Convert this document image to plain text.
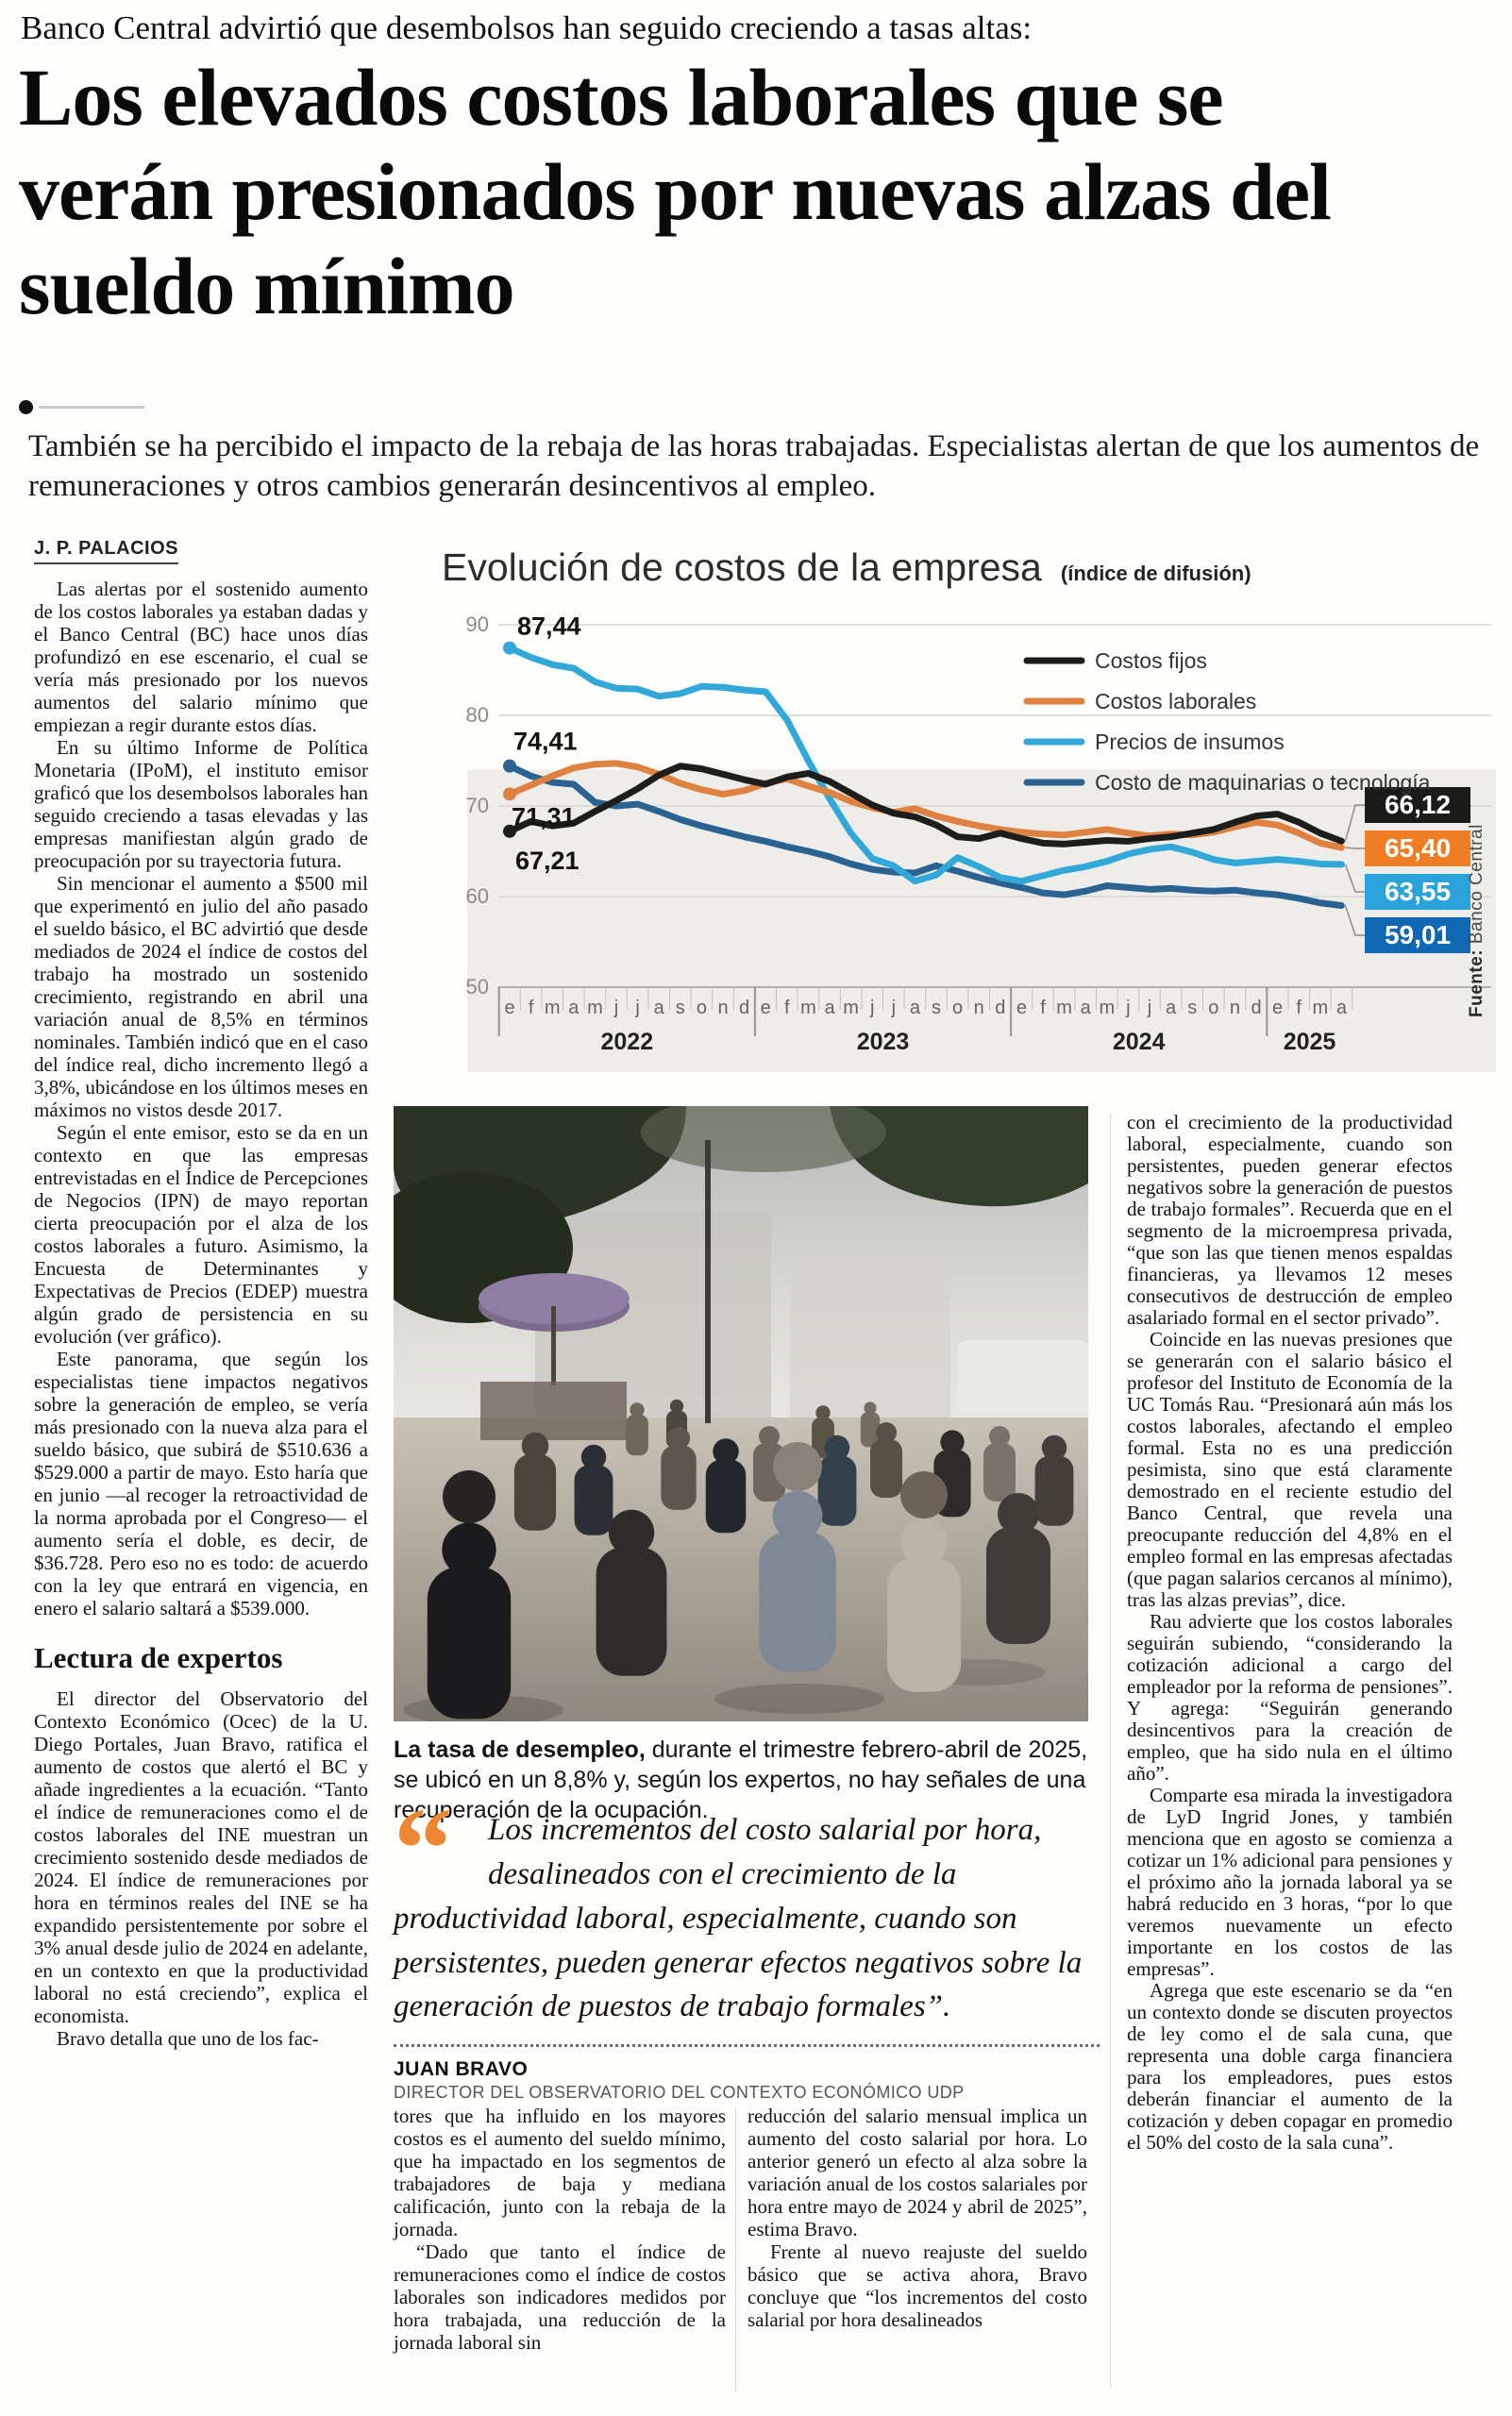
Banco Central advirtió que desembolsos han seguido creciendo a tasas altas:
Los elevados costos laborales que se verán presionados por nuevas alzas del sueldo mínimo
También se ha percibido el impacto de la rebaja de las horas trabajadas. Especialistas alertan de que los aumentos de remuneraciones y otros cambios generarán desincentivos al empleo.
J. P. PALACIOS

Las alertas por el sostenido aumento de los costos laborales ya estaban dadas y el Banco Central (BC) hace unos días profundizó en ese escenario, el cual se vería más presionado por los nuevos aumentos del salario mínimo que empiezan a regir durante estos días.

En su último Informe de Política Monetaria (IPoM), el instituto emisor graficó que los desembolsos laborales han seguido creciendo a tasas elevadas y las empresas manifiestan algún grado de preocupación por su trayectoria futura.

Sin mencionar el aumento a $500 mil que experimentó en julio del año pasado el sueldo básico, el BC advirtió que desde mediados de 2024 el índice de costos del trabajo ha mostrado un sostenido crecimiento, registrando en abril una variación anual de 8,5% en términos nominales. También indicó que en el caso del índice real, dicho incremento llegó a 3,8%, ubicándose en los últimos meses en máximos no vistos desde 2017.

Según el ente emisor, esto se da en un contexto en que las empresas entrevistadas en el Índice de Percepciones de Negocios (IPN) de mayo reportan cierta preocupación por el alza de los costos laborales a futuro. Asimismo, la Encuesta de Determinantes y Expectativas de Precios (EDEP) muestra algún grado de persistencia en su evolución (ver gráfico).

Este panorama, que según los especialistas tiene impactos negativos sobre la generación de empleo, se vería más presionado con la nueva alza para el sueldo básico, que subirá de $510.636 a $529.000 a partir de mayo. Esto haría que en junio —al recoger la retroactividad de la norma aprobada por el Congreso— el aumento sería el doble, es decir, de $36.728. Pero eso no es todo: de acuerdo con la ley que entrará en vigencia, en enero el salario saltará a $539.000.

Lectura de expertos

El director del Observatorio del Contexto Económico (Ocec) de la U. Diego Portales, Juan Bravo, ratifica el aumento de costos que alertó el BC y añade ingredientes a la ecuación. “Tanto el índice de remuneraciones como el de costos laborales del INE muestran un crecimiento sostenido desde mediados de 2024. El índice de remuneraciones por hora en términos reales del INE se ha expandido persistentemente por sobre el 3% anual desde julio de 2024 en adelante, en un contexto en que la productividad laboral no está creciendo”, explica el economista.

Bravo detalla que uno de los fac-

Evolución de costos de la empresa (índice de difusión)
90
80
70
60
50
e f m a m j j a s o n d
2022
e f m a m j j a s o n d
2023
e f m a m j j a s o n d
2024
e f m a
2025
67,21
71,31
87,44
74,41
66,12
65,40
63,55
59,01
Costos fijos
Costos laborales
Precios de insumos
Costo de maquinarias o tecnología
Fuente: Banco Central
La tasa de desempleo, durante el trimestre febrero-abril de 2025, se ubicó en un 8,8% y, según los expertos, no hay señales de una recuperación de la ocupación.
“	Los incrementos del costo salarial por hora, desalineados con el crecimiento de la productividad laboral, especialmente, cuando son persistentes, pueden generar efectos negativos sobre la generación de puestos de trabajo formales”.
JUAN BRAVO
DIRECTOR DEL OBSERVATORIO DEL CONTEXTO ECONÓMICO UDP

tores que ha influido en los mayores costos es el aumento del sueldo mínimo, que ha impactado en los segmentos de trabajadores de baja y mediana calificación, junto con la rebaja de la jornada.

“Dado que tanto el índice de remuneraciones como el índice de costos laborales son indicadores medidos por hora trabajada, una reducción de la jornada laboral sin

reducción del salario mensual implica un aumento del costo salarial por hora. Lo anterior generó un efecto al alza sobre la variación anual de los costos salariales por hora entre mayo de 2024 y abril de 2025”, estima Bravo.

Frente al nuevo reajuste del sueldo básico que se activa ahora, Bravo concluye que “los incrementos del costo salarial por hora desalineados

con el crecimiento de la productividad laboral, especialmente, cuando son persistentes, pueden generar efectos negativos sobre la generación de puestos de trabajo formales”. Recuerda que en el segmento de la microempresa privada, “que son las que tienen menos espaldas financieras, ya llevamos 12 meses consecutivos de destrucción de empleo asalariado formal en el sector privado”.

Coincide en las nuevas presiones que se generarán con el salario básico el profesor del Instituto de Economía de la UC Tomás Rau. “Presionará aún más los costos laborales, afectando el empleo formal. Esta no es una predicción pesimista, sino que está claramente demostrado en el reciente estudio del Banco Central, que revela una preocupante reducción del 4,8% en el empleo formal en las empresas afectadas (que pagan salarios cercanos al mínimo), tras las alzas previas”, dice.

Rau advierte que los costos laborales seguirán subiendo, “considerando la cotización adicional a cargo del empleador por la reforma de pensiones”. Y agrega: “Seguirán generando desincentivos para la creación de empleo, que ha sido nula en el último año”.

Comparte esa mirada la investigadora de LyD Ingrid Jones, y también menciona que en agosto se comienza a cotizar un 1% adicional para pensiones y el próximo año la jornada laboral ya se habrá reducido en 3 horas, “por lo que veremos nuevamente un efecto importante en los costos de las empresas”.

Agrega que este escenario se da “en un contexto donde se discuten proyectos de ley como el de sala cuna, que representa una doble carga financiera para los empleadores, pues estos deberán financiar el aumento de la cotización y deben copagar en promedio el 50% del costo de la sala cuna”.
